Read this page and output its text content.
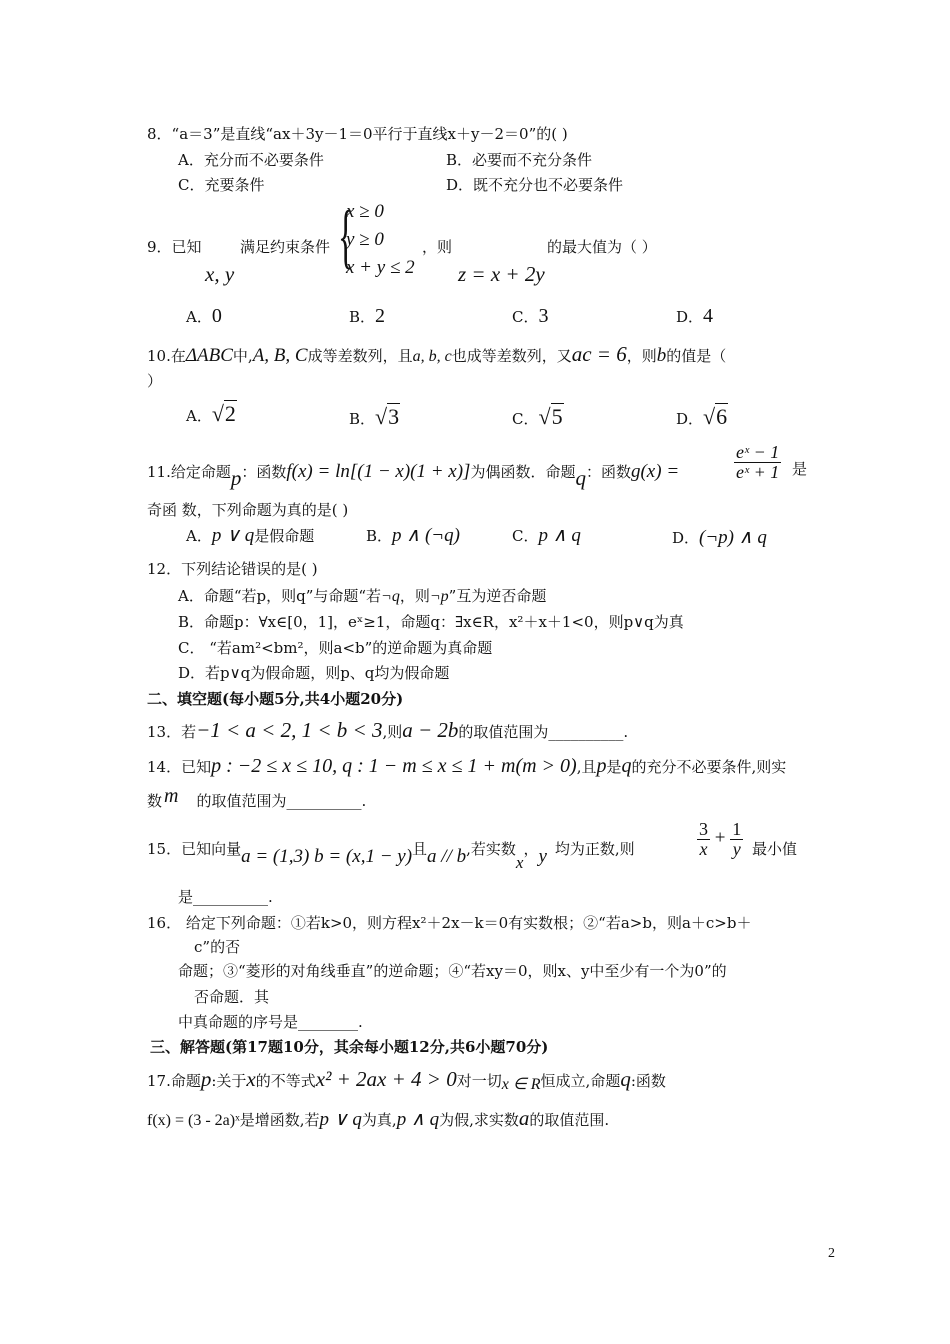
8．“a＝3”是直线“ax＋3y－1＝0平行于直线x＋y－2＝0”的( )
A．充分而不必要条件	B．必要而不充分条件
C．充要条件	D．既不充分也不必要条件
9．已知	满足约束条件
x, y {
x ≥ 0
y ≥ 0
x + y ≤ 2
，则
z = x + 2y
的最大值为（ ）
A．0	B．2	C．3	D．4
10.在ΔABC中,A, B, C成等差数列，且a, b, c也成等差数列，又ac = 6，则b的值是（
）
A．√2	B．√3	C．√5	D．√6
11.给定命题p：函数f(x) = ln[(1 − x)(1 + x)]为偶函数．命题q：函数g(x) =	$\frac{\text{eˣ − 1}}{\text{eˣ + 1}}$ 是
奇函 数，下列命题为真的是( )
A．p ∨ q是假命题	B．p ∧ (¬q)	C．p ∧ q	D．(¬p) ∧ q
12．下列结论错误的是( )
A．命题“若p，则q”与命题“若¬q，则¬p”互为逆否命题
B．命题p：∀x∈[0，1]，eˣ≥1，命题q：∃x∈R，x²＋x＋1<0，则p∨q为真
C． “若am²<bm²，则a<b”的逆命题为真命题
D．若p∨q为假命题，则p、q均为假命题
二、填空题(每小题5分,共4小题20分)
13．若−1 < a < 2, 1 < b < 3,则a − 2b的取值范围为__________.
14．已知p : −2 ≤ x ≤ 10, q : 1 − m ≤ x ≤ 1 + m(m > 0),且p是q的充分不必要条件,则实
数 m 的取值范围为__________.
15．已知向量a = (1,3) b = (x,1 − y)且a // b,若实数x，y 均为正数,则	$\frac{3}{x} + \frac{1}{y}$ 最小值
是__________.
16． 给定下列命题：①若k>0，则方程x²＋2x－k＝0有实数根；②“若a>b，则a＋c>b＋
c”的否
命题；③“菱形的对角线垂直”的逆命题；④“若xy＝0，则x、y中至少有一个为0”的
否命题．其
中真命题的序号是________.
三、解答题(第17题10分，其余每小题12分,共6小题70分)
17.命题p:关于x的不等式x² + 2ax + 4 > 0对一切x ∈ R恒成立,命题q:函数
f(x) = (3 - 2a)ˣ是增函数,若p ∨ q为真,p ∧ q为假,求实数a的取值范围.
2
